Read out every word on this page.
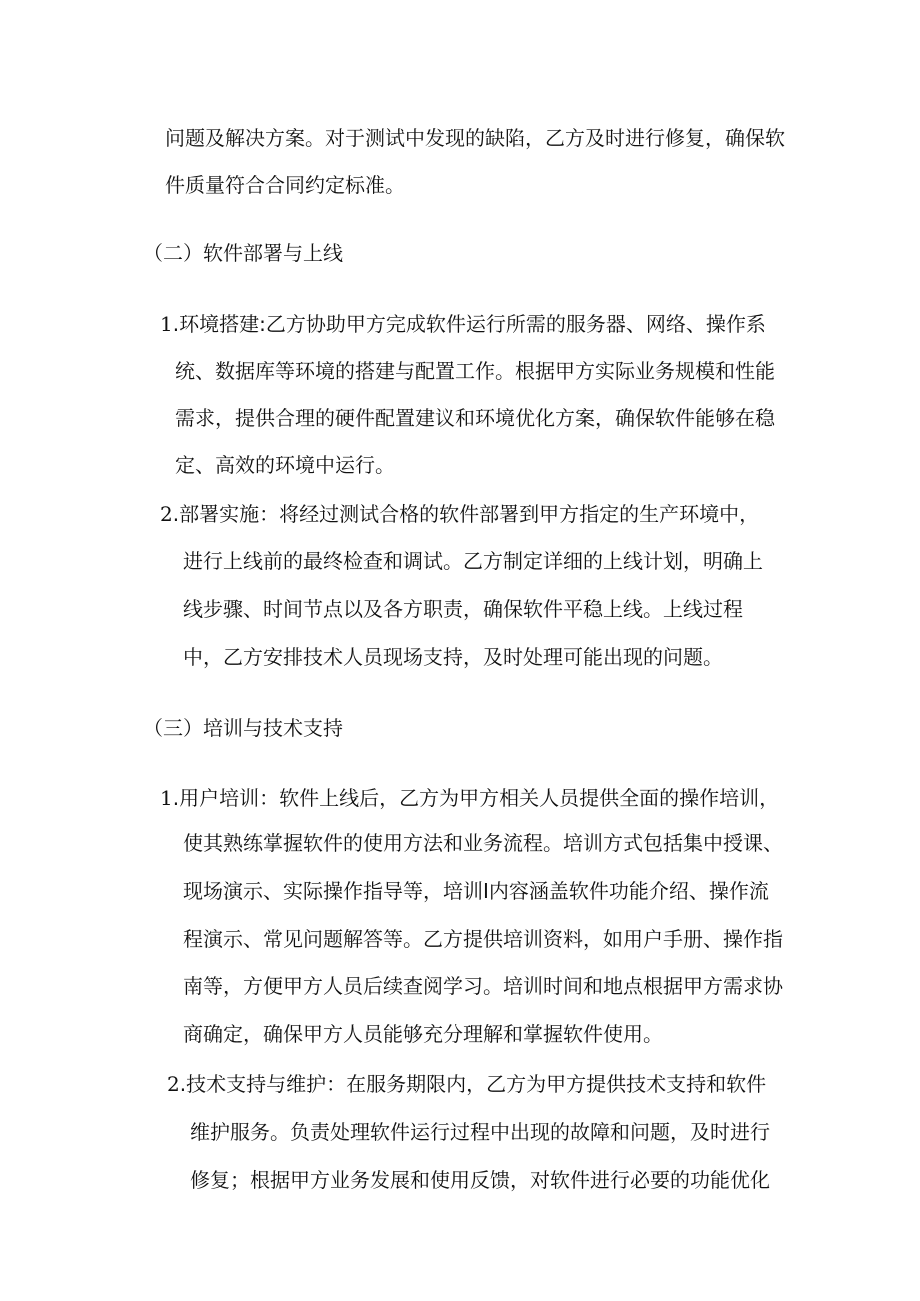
问题及解决方案。对于测试中发现的缺陷，乙方及时进行修复，确保软
件质量符合合同约定标准。
（二）软件部署与上线
1.环境搭建:乙方协助甲方完成软件运行所需的服务器、网络、操作系
统、数据库等环境的搭建与配置工作。根据甲方实际业务规模和性能
需求，提供合理的硬件配置建议和环境优化方案，确保软件能够在稳
定、高效的环境中运行。
2.部署实施：将经过测试合格的软件部署到甲方指定的生产环境中，
进行上线前的最终检查和调试。乙方制定详细的上线计划，明确上
线步骤、时间节点以及各方职责，确保软件平稳上线。上线过程
中，乙方安排技术人员现场支持，及时处理可能出现的问题。
（三）培训与技术支持
1.用户培训：软件上线后，乙方为甲方相关人员提供全面的操作培训，
使其熟练掌握软件的使用方法和业务流程。培训方式包括集中授课、
现场演示、实际操作指导等，培训I内容涵盖软件功能介绍、操作流
程演示、常见问题解答等。乙方提供培训资料，如用户手册、操作指
南等，方便甲方人员后续查阅学习。培训时间和地点根据甲方需求协
商确定，确保甲方人员能够充分理解和掌握软件使用。
2.技术支持与维护：在服务期限内，乙方为甲方提供技术支持和软件
维护服务。负责处理软件运行过程中出现的故障和问题，及时进行
修复；根据甲方业务发展和使用反馈，对软件进行必要的功能优化
